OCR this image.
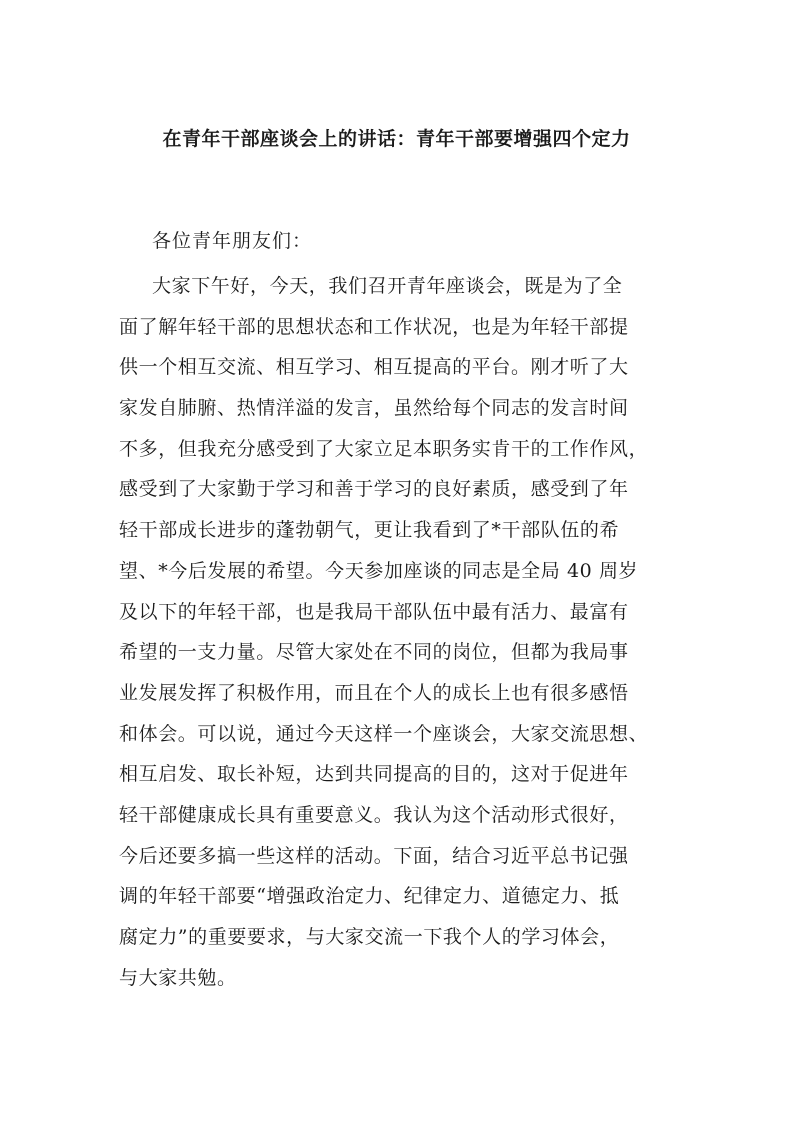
在青年干部座谈会上的讲话：青年干部要增强四个定力
各位青年朋友们：
大家下午好，今天，我们召开青年座谈会，既是为了全
面了解年轻干部的思想状态和工作状况，也是为年轻干部提
供一个相互交流、相互学习、相互提高的平台。刚才听了大
家发自肺腑、热情洋溢的发言，虽然给每个同志的发言时间
不多，但我充分感受到了大家立足本职务实肯干的工作作风，
感受到了大家勤于学习和善于学习的良好素质，感受到了年
轻干部成长进步的蓬勃朝气，更让我看到了*干部队伍的希
望、*今后发展的希望。今天参加座谈的同志是全局 40 周岁
及以下的年轻干部，也是我局干部队伍中最有活力、最富有
希望的一支力量。尽管大家处在不同的岗位，但都为我局事
业发展发挥了积极作用，而且在个人的成长上也有很多感悟
和体会。可以说，通过今天这样一个座谈会，大家交流思想、
相互启发、取长补短，达到共同提高的目的，这对于促进年
轻干部健康成长具有重要意义。我认为这个活动形式很好，
今后还要多搞一些这样的活动。下面，结合习近平总书记强
调的年轻干部要“增强政治定力、纪律定力、道德定力、抵
腐定力”的重要要求，与大家交流一下我个人的学习体会，
与大家共勉。
